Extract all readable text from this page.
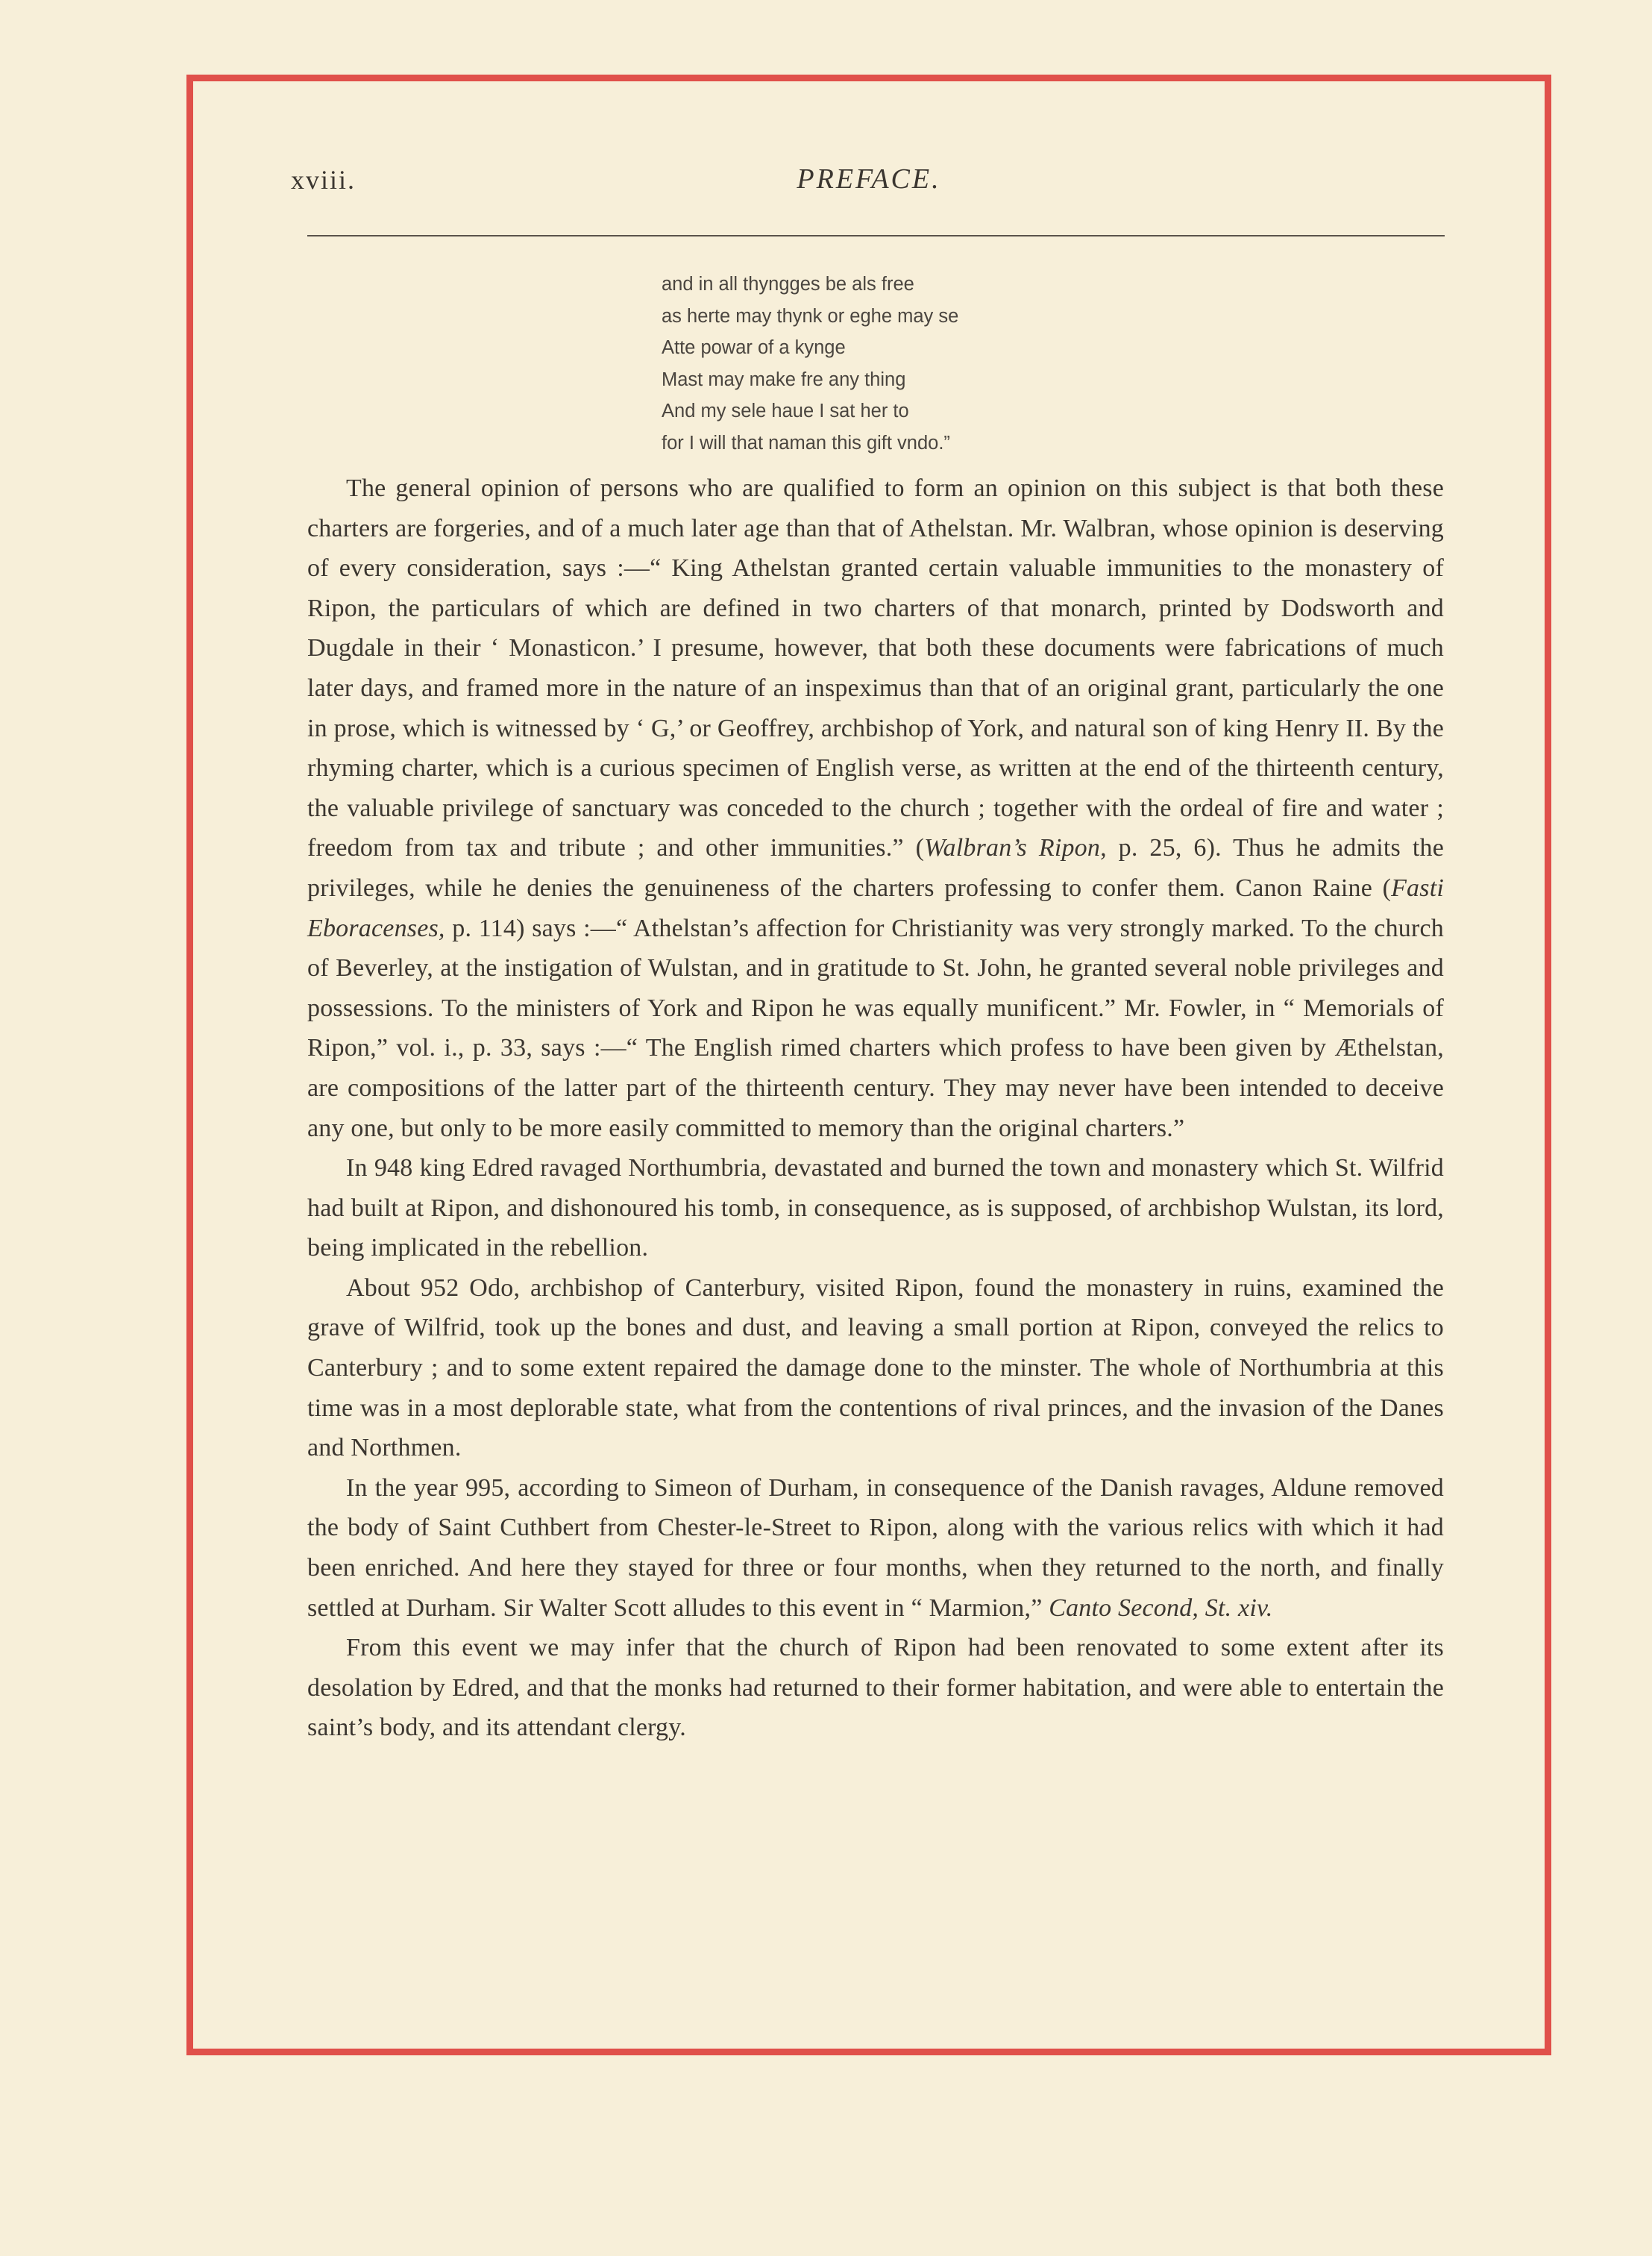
xviii.	PREFACE.
and in all thyngges be als free
as herte may thynk or eghe may se
Atte powar of a kynge
Mast may make fre any thing
And my sele haue I sat her to
for I will that naman this gift vndo.”

The general opinion of persons who are qualified to form an opinion on this subject is that both these charters are forgeries, and of a much later age than that of Athelstan. Mr. Walbran, whose opinion is deserving of every consideration, says :—“ King Athelstan granted certain valuable immunities to the monastery of Ripon, the particulars of which are defined in two charters of that monarch, printed by Dodsworth and Dugdale in their ‘ Monasticon.’ I presume, however, that both these documents were fabrications of much later days, and framed more in the nature of an inspeximus than that of an original grant, particularly the one in prose, which is witnessed by ‘ G,’ or Geoffrey, archbishop of York, and natural son of king Henry II. By the rhyming charter, which is a curious specimen of English verse, as written at the end of the thirteenth century, the valuable privilege of sanctuary was conceded to the church ; together with the ordeal of fire and water ; freedom from tax and tribute ; and other immunities.” (Walbran’s Ripon, p. 25, 6). Thus he admits the privileges, while he denies the genuineness of the charters professing to confer them. Canon Raine (Fasti Eboracenses, p. 114) says :—“ Athelstan’s affection for Christianity was very strongly marked. To the church of Beverley, at the instigation of Wulstan, and in gratitude to St. John, he granted several noble privileges and possessions. To the ministers of York and Ripon he was equally munificent.” Mr. Fowler, in “ Memorials of Ripon,” vol. i., p. 33, says :—“ The English rimed charters which profess to have been given by Æthelstan, are compositions of the latter part of the thirteenth century. They may never have been intended to deceive any one, but only to be more easily committed to memory than the original charters.”

In 948 king Edred ravaged Northumbria, devastated and burned the town and monastery which St. Wilfrid had built at Ripon, and dishonoured his tomb, in consequence, as is supposed, of archbishop Wulstan, its lord, being implicated in the rebellion.

About 952 Odo, archbishop of Canterbury, visited Ripon, found the monastery in ruins, examined the grave of Wilfrid, took up the bones and dust, and leaving a small portion at Ripon, conveyed the relics to Canterbury ; and to some extent repaired the damage done to the minster. The whole of Northumbria at this time was in a most deplorable state, what from the contentions of rival princes, and the invasion of the Danes and Northmen.

In the year 995, according to Simeon of Durham, in consequence of the Danish ravages, Aldune removed the body of Saint Cuthbert from Chester-le-Street to Ripon, along with the various relics with which it had been enriched. And here they stayed for three or four months, when they returned to the north, and finally settled at Durham. Sir Walter Scott alludes to this event in “ Marmion,” Canto Second, St. xiv.

From this event we may infer that the church of Ripon had been renovated to some extent after its desolation by Edred, and that the monks had returned to their former habitation, and were able to entertain the saint’s body, and its attendant clergy.
